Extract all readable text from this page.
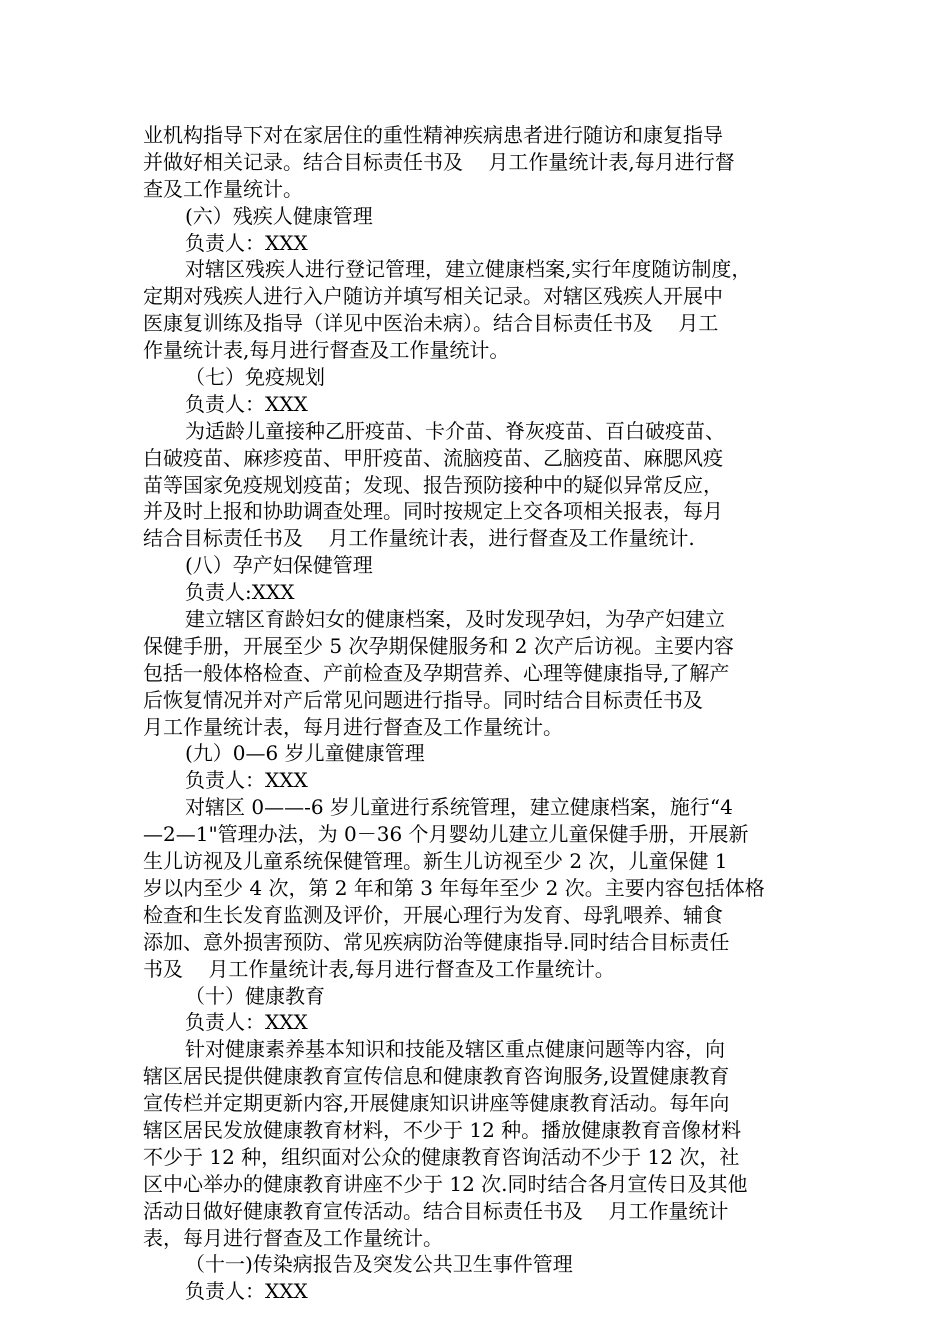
业机构指导下对在家居住的重性精神疾病患者进行随访和康复指导
并做好相关记录。结合目标责任书及    月工作量统计表,每月进行督
查及工作量统计。
(六）残疾人健康管理
负责人：XXX
对辖区残疾人进行登记管理，建立健康档案,实行年度随访制度，
定期对残疾人进行入户随访并填写相关记录。对辖区残疾人开展中
医康复训练及指导（详见中医治未病）。结合目标责任书及    月工
作量统计表,每月进行督查及工作量统计。
（七）免疫规划
负责人：XXX
为适龄儿童接种乙肝疫苗、卡介苗、脊灰疫苗、百白破疫苗、
白破疫苗、麻疹疫苗、甲肝疫苗、流脑疫苗、乙脑疫苗、麻腮风疫
苗等国家免疫规划疫苗；发现、报告预防接种中的疑似异常反应，
并及时上报和协助调查处理。同时按规定上交各项相关报表，每月
结合目标责任书及    月工作量统计表，进行督查及工作量统计.
(八）孕产妇保健管理
负责人:XXX
建立辖区育龄妇女的健康档案，及时发现孕妇，为孕产妇建立
保健手册，开展至少 5 次孕期保健服务和 2 次产后访视。主要内容
包括一般体格检查、产前检查及孕期营养、心理等健康指导,了解产
后恢复情况并对产后常见问题进行指导。同时结合目标责任书及
月工作量统计表，每月进行督查及工作量统计。
(九）0—6 岁儿童健康管理
负责人：XXX
对辖区 0——-6 岁儿童进行系统管理，建立健康档案，施行“4
—2—1"管理办法，为 0－36 个月婴幼儿建立儿童保健手册，开展新
生儿访视及儿童系统保健管理。新生儿访视至少 2 次，儿童保健 1
岁以内至少 4 次，第 2 年和第 3 年每年至少 2 次。主要内容包括体格
检查和生长发育监测及评价，开展心理行为发育、母乳喂养、辅食
添加、意外损害预防、常见疾病防治等健康指导.同时结合目标责任
书及    月工作量统计表,每月进行督查及工作量统计。
（十）健康教育
负责人：XXX
针对健康素养基本知识和技能及辖区重点健康问题等内容，向
辖区居民提供健康教育宣传信息和健康教育咨询服务,设置健康教育
宣传栏并定期更新内容,开展健康知识讲座等健康教育活动。每年向
辖区居民发放健康教育材料，不少于 12 种。播放健康教育音像材料
不少于 12 种，组织面对公众的健康教育咨询活动不少于 12 次，社
区中心举办的健康教育讲座不少于 12 次.同时结合各月宣传日及其他
活动日做好健康教育宣传活动。结合目标责任书及    月工作量统计
表，每月进行督查及工作量统计。
（十一)传染病报告及突发公共卫生事件管理
负责人：XXX
